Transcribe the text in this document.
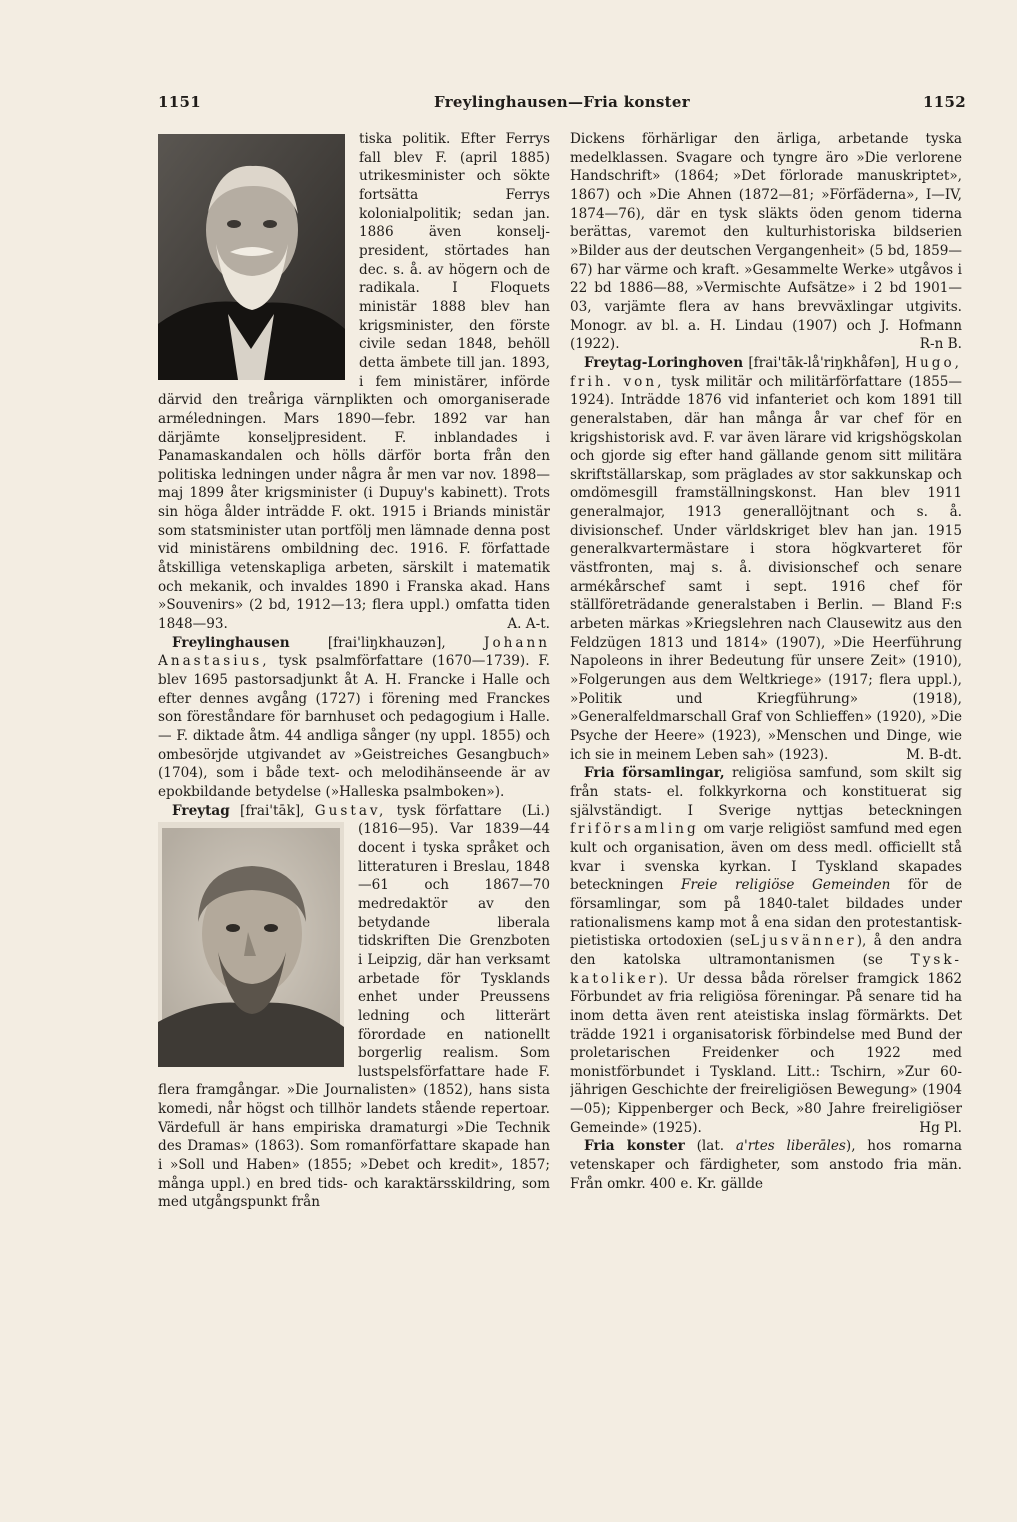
1151	Freylinghausen—Fria konster	1152

tiska politik. Efter Ferrys fall blev F. (april 1885) utrikesminister och sökte fortsätta Ferrys kolonialpolitik; sedan jan. 1886 även konseljpresident, störtades han dec. s. å. av högern och de radikala. I Floquets ministär 1888 blev han krigsminister, den förste civile sedan 1848, behöll detta ämbete till jan. 1893, i fem ministärer, införde därvid den treåriga värnplikten och omorganiserade arméledningen. Mars 1890—febr. 1892 var han därjämte konseljpresident. F. inblandades i Panamaskandalen och hölls därför borta från den politiska ledningen under några år men var nov. 1898—maj 1899 åter krigsminister (i Dupuy's kabinett). Trots sin höga ålder inträdde F. okt. 1915 i Briands ministär som statsminister utan portfölj men lämnade denna post vid ministärens ombildning dec. 1916. F. författade åtskilliga vetenskapliga arbeten, särskilt i matematik och mekanik, och invaldes 1890 i Franska akad. Hans »Souvenirs» (2 bd, 1912—13; flera uppl.) omfatta tiden 1848—93.	A. A-t.

Freylinghausen	[frai'liŋkhauzən],	Johann Anastasius, tysk psalmförfattare (1670—1739). F. blev 1695 pastorsadjunkt åt A. H. Francke i Halle och efter dennes avgång (1727) i förening med Franckes son föreståndare för barnhuset och pedagogium i Halle. — F. diktade åtm. 44 andliga sånger (ny uppl. 1855) och ombesörjde utgivandet av »Geistreiches Gesangbuch» (1704), som i både text- och melodihänseende är av epokbildande betydelse (»Halleska psalmboken»).
(Li.)

Freytag [frai'tāk], Gustav, tysk författare (1816—95). Var 1839—44 docent i tyska språket och litteraturen i Breslau, 1848—61 och 1867—70 medredaktör av den betydande liberala tidskriften Die Grenzboten i Leipzig, där han verksamt arbetade för Tysklands enhet under Preussens ledning och litterärt förordade en nationellt borgerlig realism. Som lustspelsförfattare hade F. flera framgångar. »Die Journalisten» (1852), hans sista komedi, når högst och tillhör landets stående repertoar. Värdefull är hans empiriska dramaturgi »Die Technik des Dramas» (1863). Som romanförfattare skapade han i »Soll und Haben» (1855; »Debet och kredit», 1857; många uppl.) en bred tids- och karaktärsskildring, som med utgångspunkt från

Dickens förhärligar den ärliga, arbetande tyska medelklassen. Svagare och tyngre äro »Die verlorene Handschrift» (1864; »Det förlorade manuskriptet», 1867) och »Die Ahnen (1872—81; »Förfäderna», I—IV, 1874—76), där en tysk släkts öden genom tiderna berättas, varemot den kulturhistoriska bildserien »Bilder aus der deutschen Vergangenheit» (5 bd, 1859—67) har värme och kraft. »Gesammelte Werke» utgåvos i 22 bd 1886—88, »Vermischte Aufsätze» i 2 bd 1901—03, varjämte flera av hans brevväxlingar utgivits. Monogr. av bl. a. H. Lindau (1907) och J. Hofmann (1922).	R-n B.

Freytag-Loringhoven [frai'tāk-lå'riŋkhåfən], Hugo, frih. von, tysk militär och militärförfattare (1855—1924). Inträdde 1876 vid infanteriet och kom 1891 till generalstaben, där han många år var chef för en krigshistorisk avd. F. var även lärare vid krigshögskolan och gjorde sig efter hand gällande genom sitt militära skriftställarskap, som präglades av stor sakkunskap och omdömesgill framställningskonst. Han blev 1911 generalmajor, 1913 generallöjtnant och s. å. divisionschef. Under världskriget blev han jan. 1915 generalkvartermästare i stora högkvarteret för västfronten, maj s. å. divisionschef och senare armékårschef samt i sept. 1916 chef för ställföreträdande generalstaben i Berlin. — Bland F:s arbeten märkas »Kriegslehren nach Clausewitz aus den Feldzügen 1813 und 1814» (1907), »Die Heerführung Napoleons in ihrer Bedeutung für unsere Zeit» (1910), »Folgerungen aus dem Weltkriege» (1917; flera uppl.), »Politik und Kriegführung» (1918), »Generalfeldmarschall Graf von Schlieffen» (1920), »Die Psyche der Heere» (1923), »Menschen und Dinge, wie ich sie in meinem Leben sah» (1923).	M. B-dt.

Fria församlingar, religiösa samfund, som skilt sig från stats- el. folkkyrkorna och konstituerat sig självständigt. I Sverige nyttjas beteckningen friförsamling om varje religiöst samfund med egen kult och organisation, även om dess medl. officiellt stå kvar i svenska kyrkan. I Tyskland skapades beteckningen Freie religiöse Gemeinden för de församlingar, som på 1840-talet bildades under rationalismens kamp mot å ena sidan den protestantisk-pietistiska ortodoxien (seLjusvänner), å den andra den katolska ultramontanismen (se Tysk-katoliker). Ur dessa båda rörelser framgick 1862 Förbundet av fria religiösa föreningar. På senare tid ha inom detta även rent ateistiska inslag förmärkts. Det trädde 1921 i organisatorisk förbindelse med Bund der proletarischen Freidenker och 1922 med monistförbundet i Tyskland. Litt.: Tschirn, »Zur 60-jährigen Geschichte der freireligiösen Bewegung» (1904—05); Kippenberger och Beck, »80 Jahre freireligiöser Gemeinde» (1925).	Hg Pl.

Fria konster (lat. a'rtes liberāles), hos romarna vetenskaper och färdigheter, som anstodo fria män. Från omkr. 400 e. Kr. gällde
